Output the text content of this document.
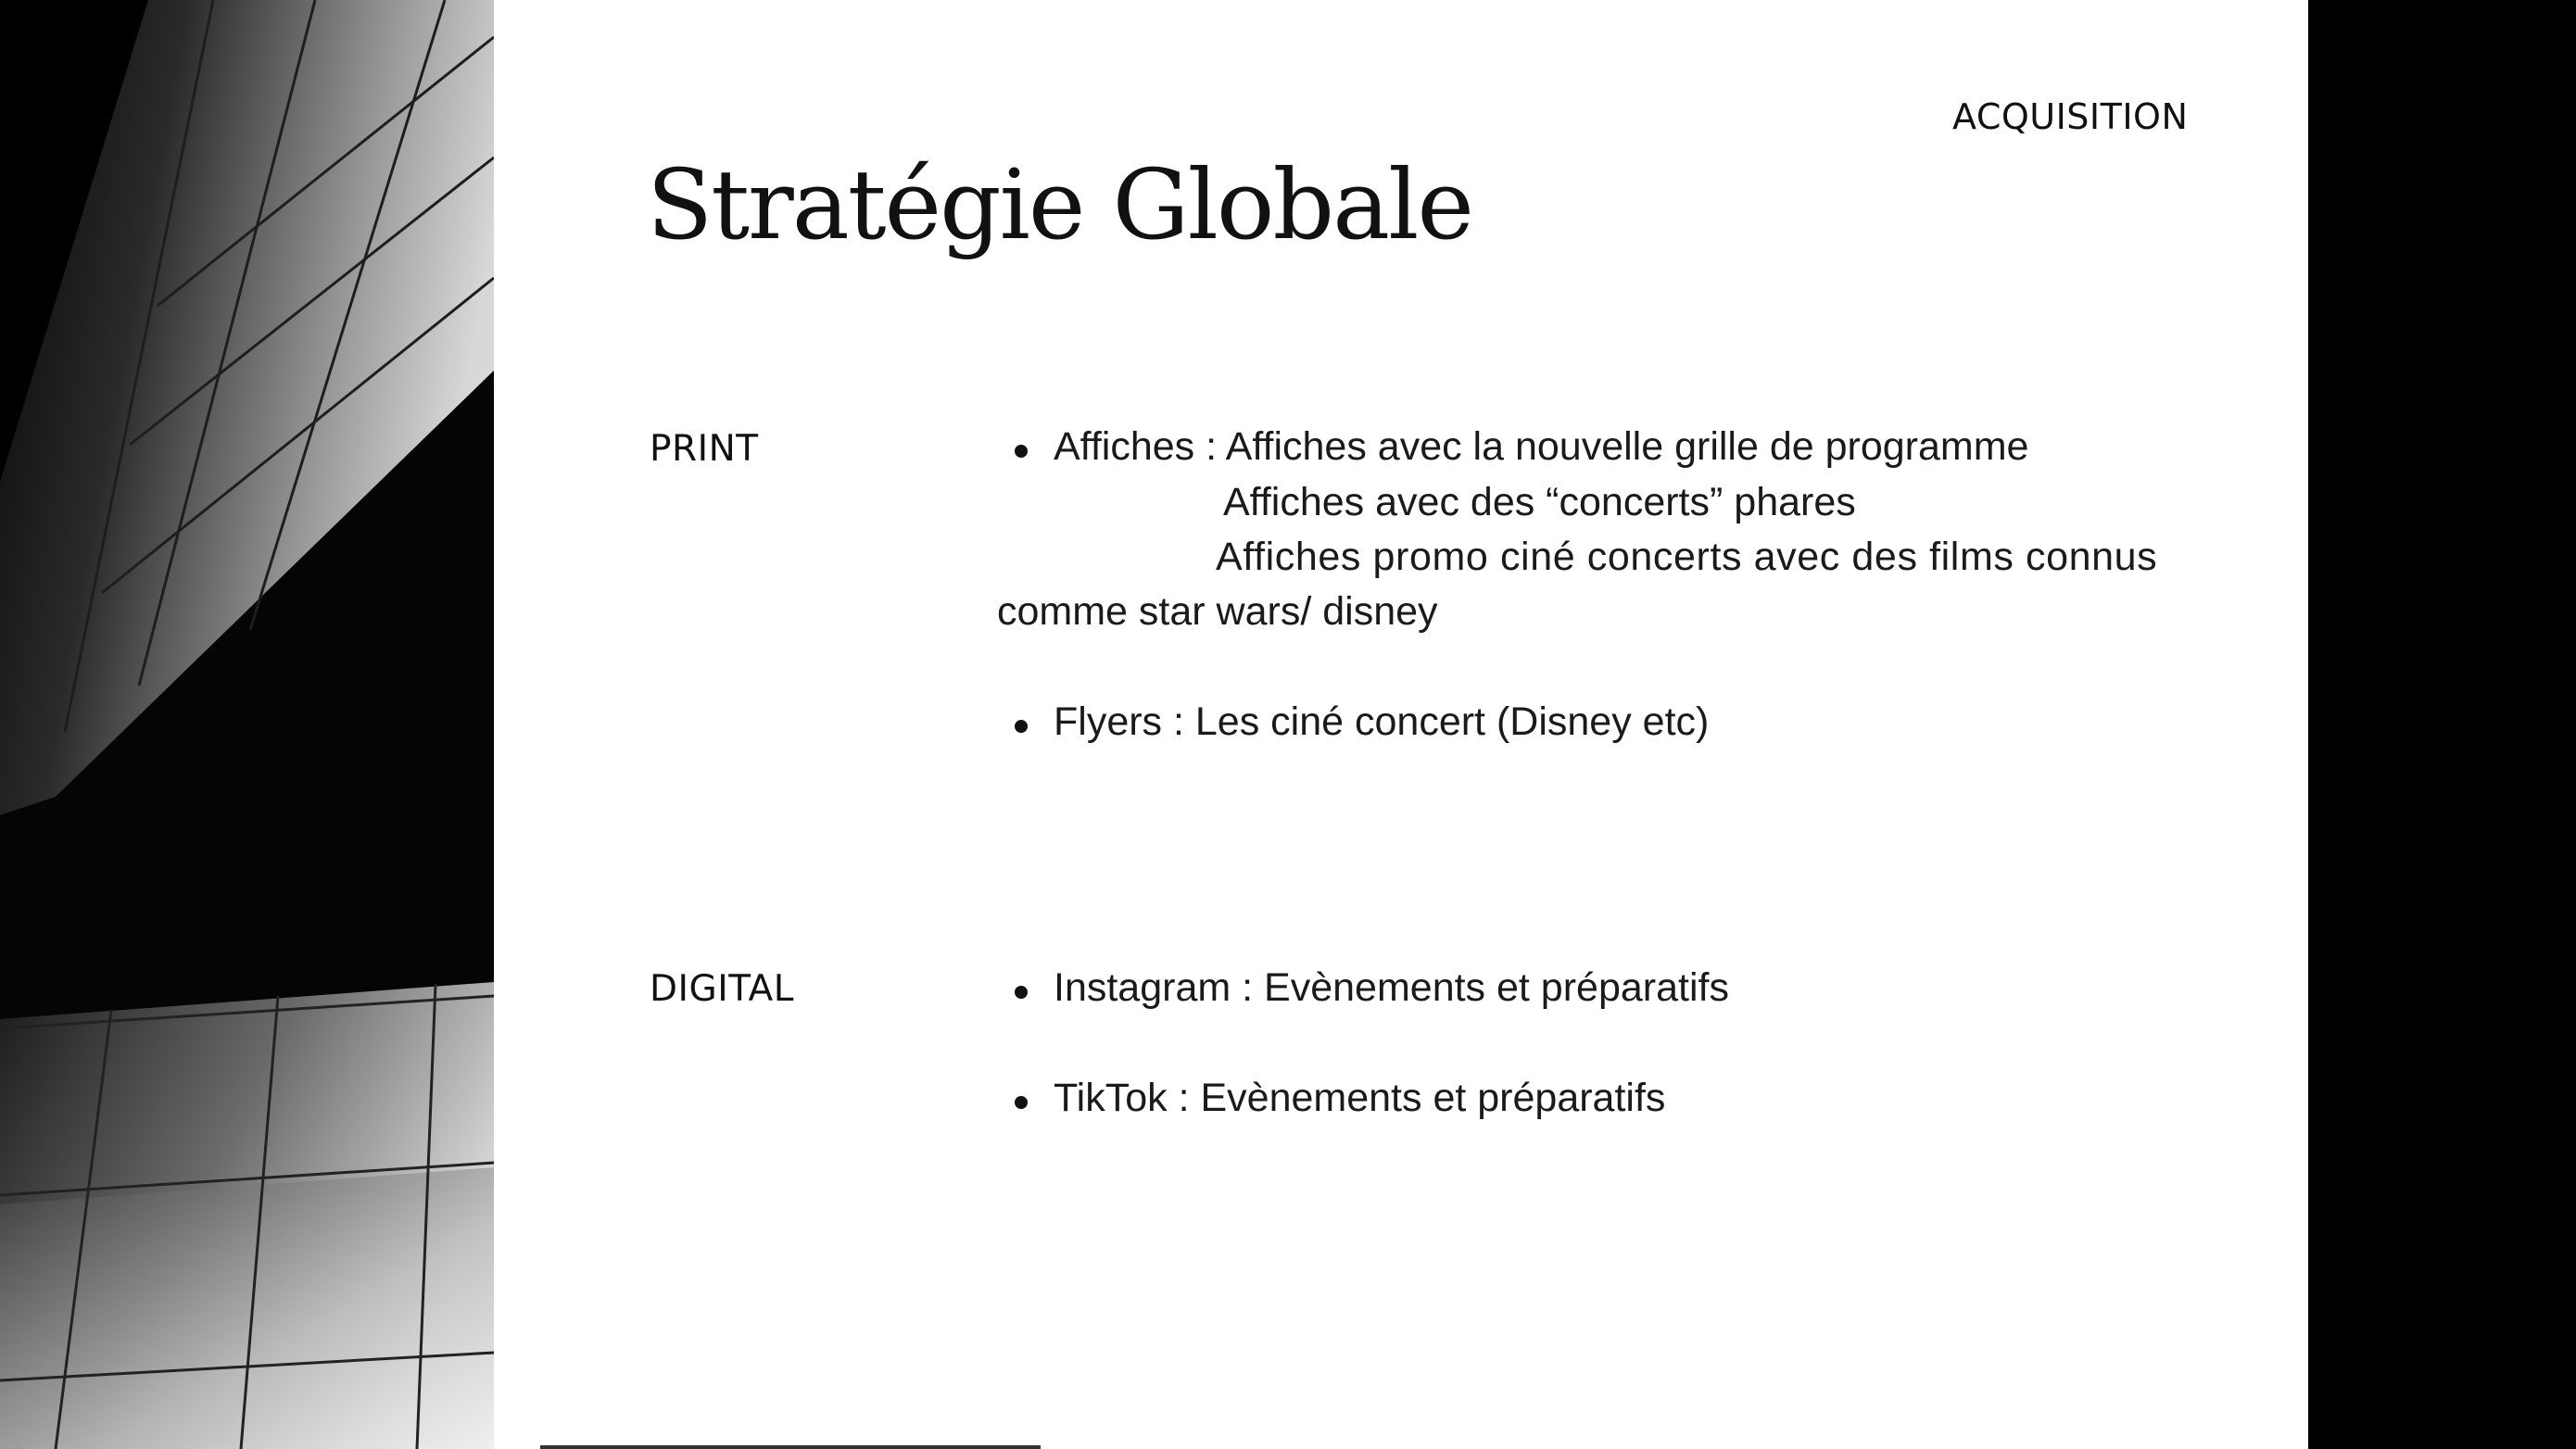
ACQUISITION
Stratégie Globale
PRINT	Affiches : Affiches avec la nouvelle grille de programme
Affiches avec des “concerts” phares
Affiches promo ciné concerts avec des films connus
comme star wars/ disney
Flyers : Les ciné concert (Disney etc)
DIGITAL	Instagram : Evènements et préparatifs
TikTok : Evènements et préparatifs
